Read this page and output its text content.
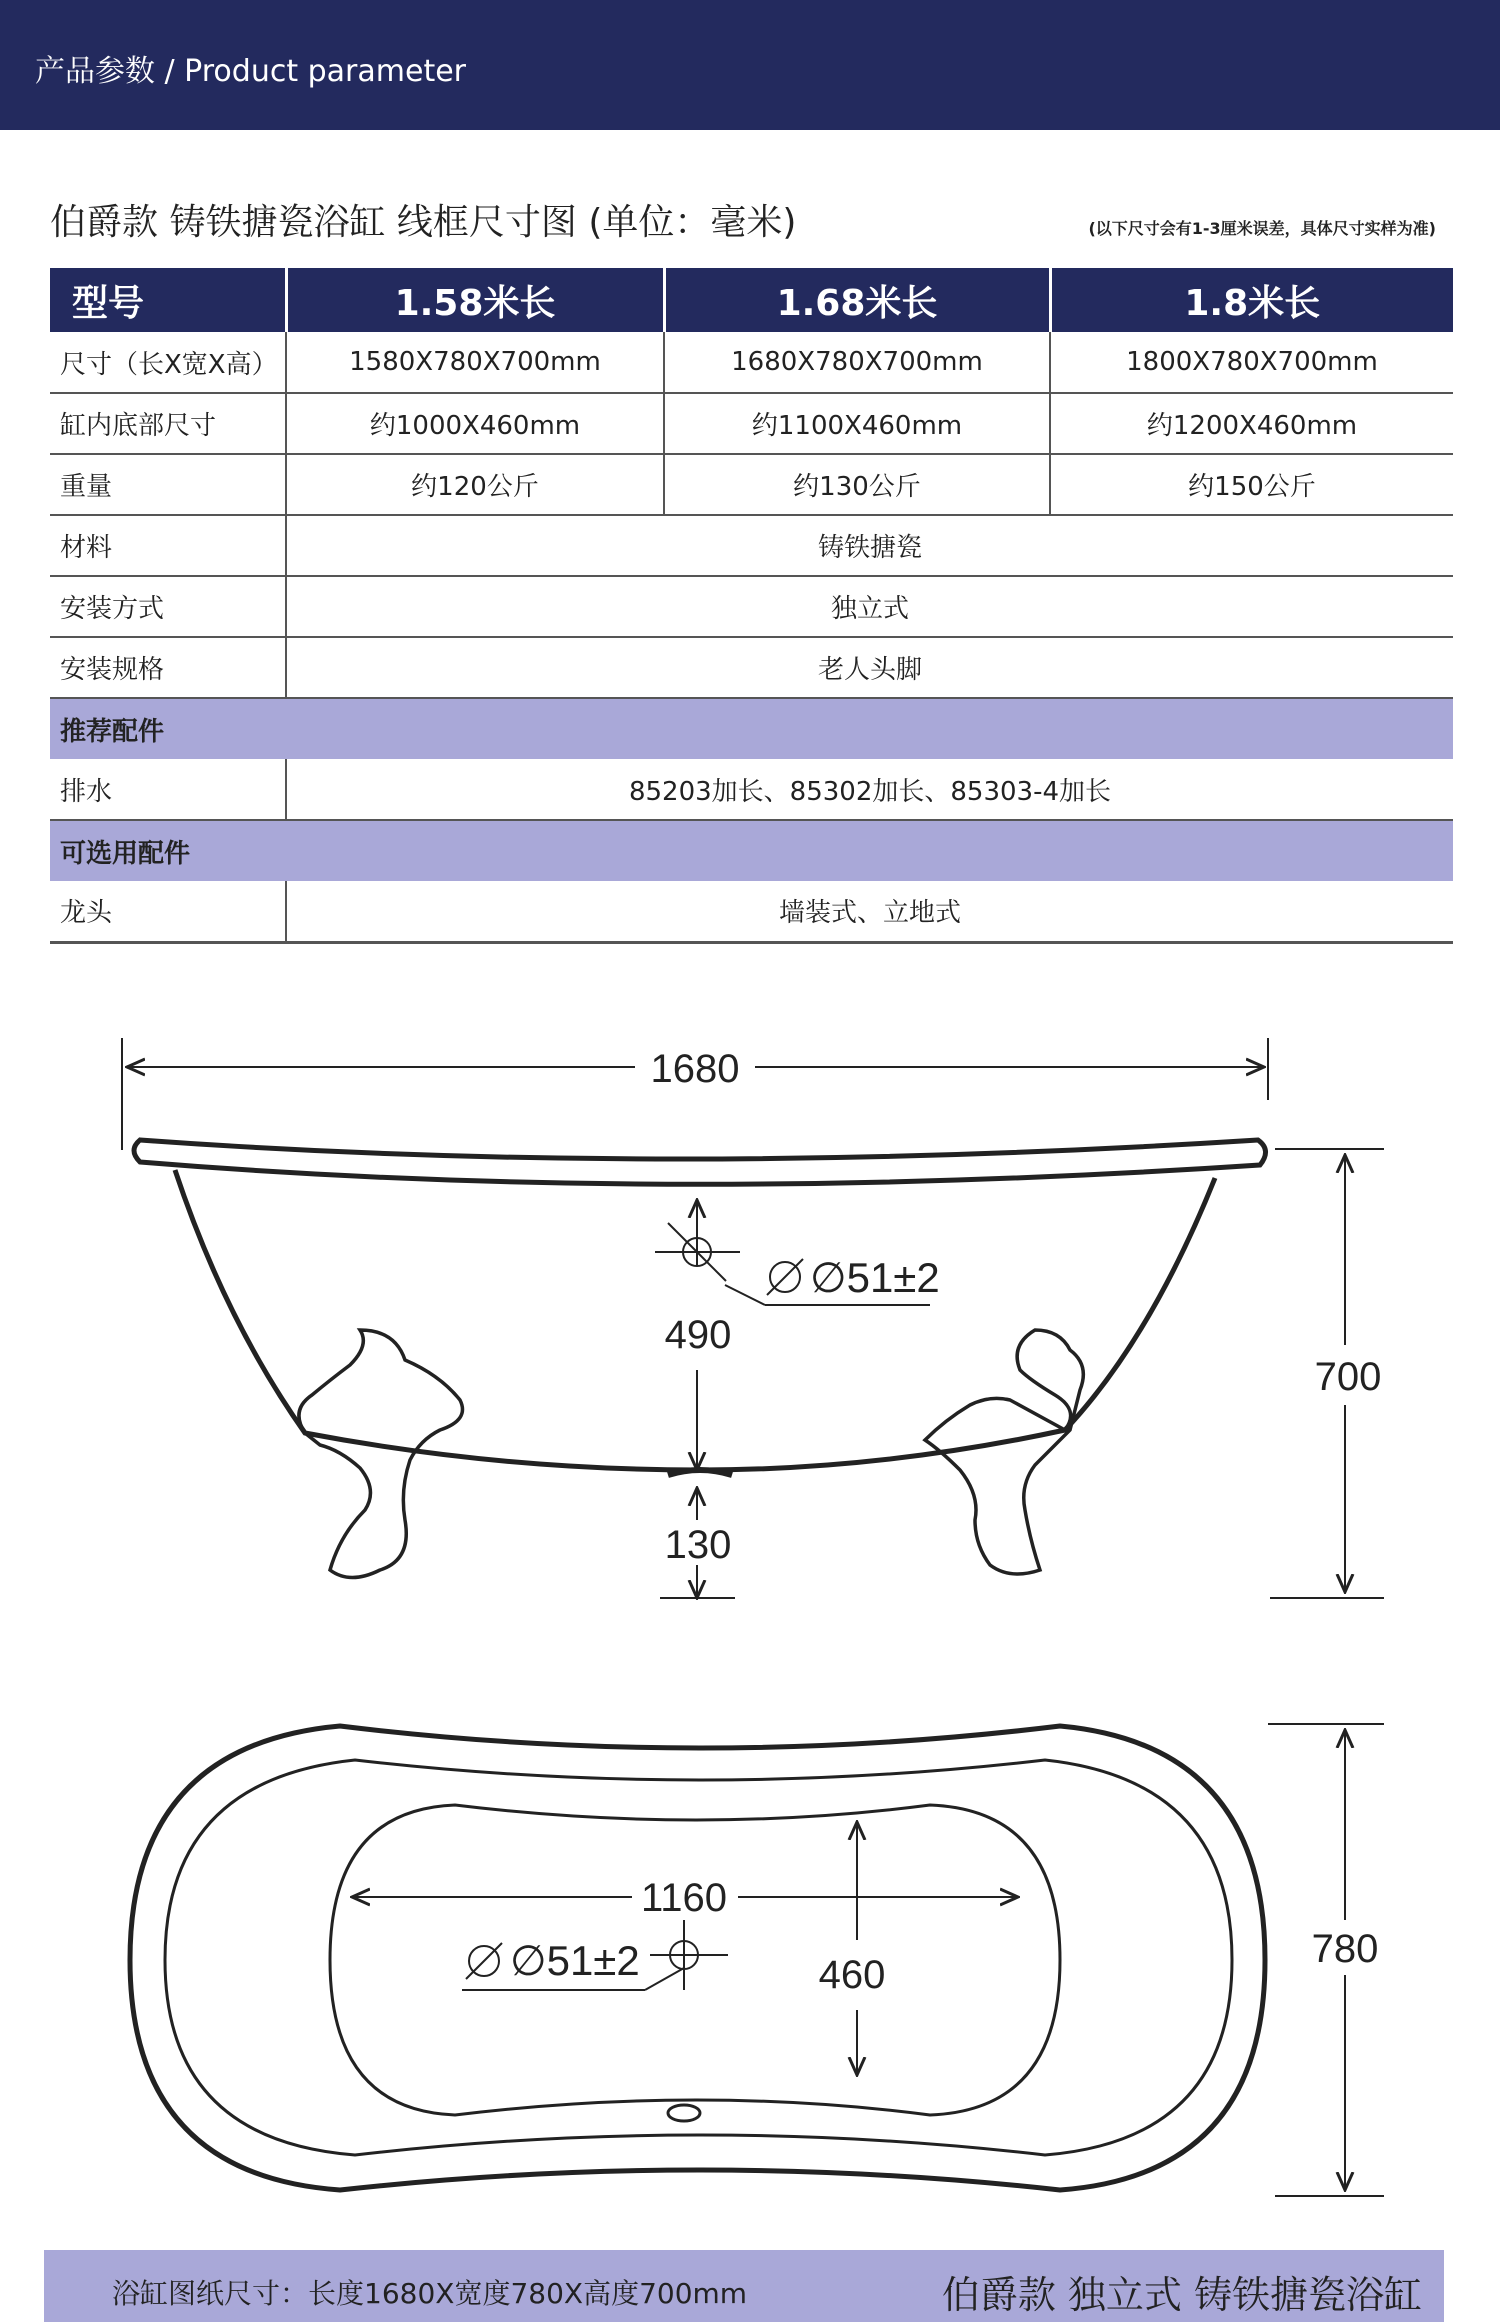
产品参数 / Product parameter
伯爵款 铸铁搪瓷浴缸 线框尺寸图 (单位：毫米)	(以下尺寸会有1-3厘米误差，具体尺寸实样为准)
型号	1.58米长	1.68米长	1.8米长
尺寸（长X宽X高）	1580X780X700mm	1680X780X700mm	1800X780X700mm
缸内底部尺寸	约1000X460mm	约1100X460mm	约1200X460mm
重量	约120公斤	约130公斤	约150公斤
材料	铸铁搪瓷		
安装方式	独立式		
安装规格	老人头脚		
推荐配件			
排水	85203加长、85302加长、85303-4加长		
可选用配件			
龙头	墙装式、立地式		
1680
490
130
700
∅51±2
1160
460
780
∅51±2
浴缸图纸尺寸：长度1680X宽度780X高度700mm	伯爵款 独立式 铸铁搪瓷浴缸
